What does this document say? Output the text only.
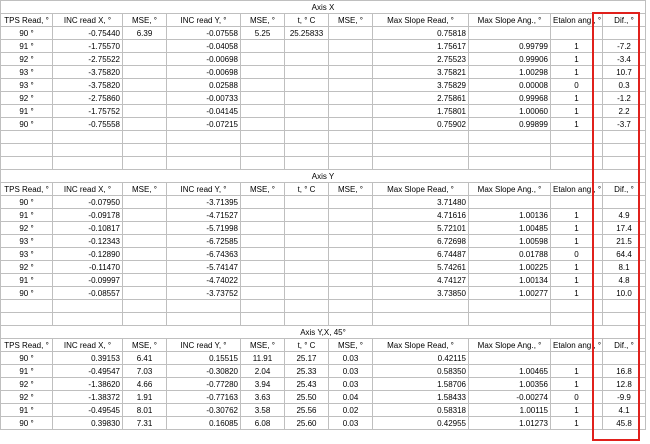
Axis X										
TPS Read, °	INC read X, °	MSE, °	INC read Y, °	MSE, °	t, ° C	MSE, °	Max Slope Read, °	Max Slope Ang., °	Etalon ang., °	Dif., °
90 °	-0.75440	6.39	-0.07558	5.25	25.25833		0.75818			
91 °	-1.75570		-0.04058				1.75617	0.99799	1	-7.2
92 °	-2.75522		-0.00698				2.75523	0.99906	1	-3.4
93 °	-3.75820		-0.00698				3.75821	1.00298	1	10.7
93 °	-3.75820		0.02588				3.75829	0.00008	0	0.3
92 °	-2.75860		-0.00733				2.75861	0.99968	1	-1.2
91 °	-1.75752		-0.04145				1.75801	1.00060	1	2.2
90 °	-0.75558		-0.07215				0.75902	0.99899	1	-3.7

Axis Y										
TPS Read, °	INC read X, °	MSE, °	INC read Y, °	MSE, °	t, ° C	MSE, °	Max Slope Read, °	Max Slope Ang., °	Etalon ang., °	Dif., °
90 °	-0.07950		-3.71395				3.71480			
91 °	-0.09178		-4.71527				4.71616	1.00136	1	4.9
92 °	-0.10817		-5.71998				5.72101	1.00485	1	17.4
93 °	-0.12343		-6.72585				6.72698	1.00598	1	21.5
93 °	-0.12890		-6.74363				6.74487	0.01788	0	64.4
92 °	-0.11470		-5.74147				5.74261	1.00225	1	8.1
91 °	-0.09997		-4.74022				4.74127	1.00134	1	4.8
90 °	-0.08557		-3.73752				3.73850	1.00277	1	10.0

Axis Y,X, 45°										
TPS Read, °	INC read X, °	MSE, °	INC read Y, °	MSE, °	t, ° C	MSE, °	Max Slope Read, °	Max Slope Ang., °	Etalon ang., °	Dif., °
90 °	0.39153	6.41	0.15515	11.91	25.17	0.03	0.42115			
91 °	-0.49547	7.03	-0.30820	2.04	25.33	0.03	0.58350	1.00465	1	16.8
92 °	-1.38620	4.66	-0.77280	3.94	25.43	0.03	1.58706	1.00356	1	12.8
92 °	-1.38372	1.91	-0.77163	3.63	25.50	0.04	1.58433	-0.00274	0	-9.9
91 °	-0.49545	8.01	-0.30762	3.58	25.56	0.02	0.58318	1.00115	1	4.1
90 °	0.39830	7.31	0.16085	6.08	25.60	0.03	0.42955	1.01273	1	45.8
